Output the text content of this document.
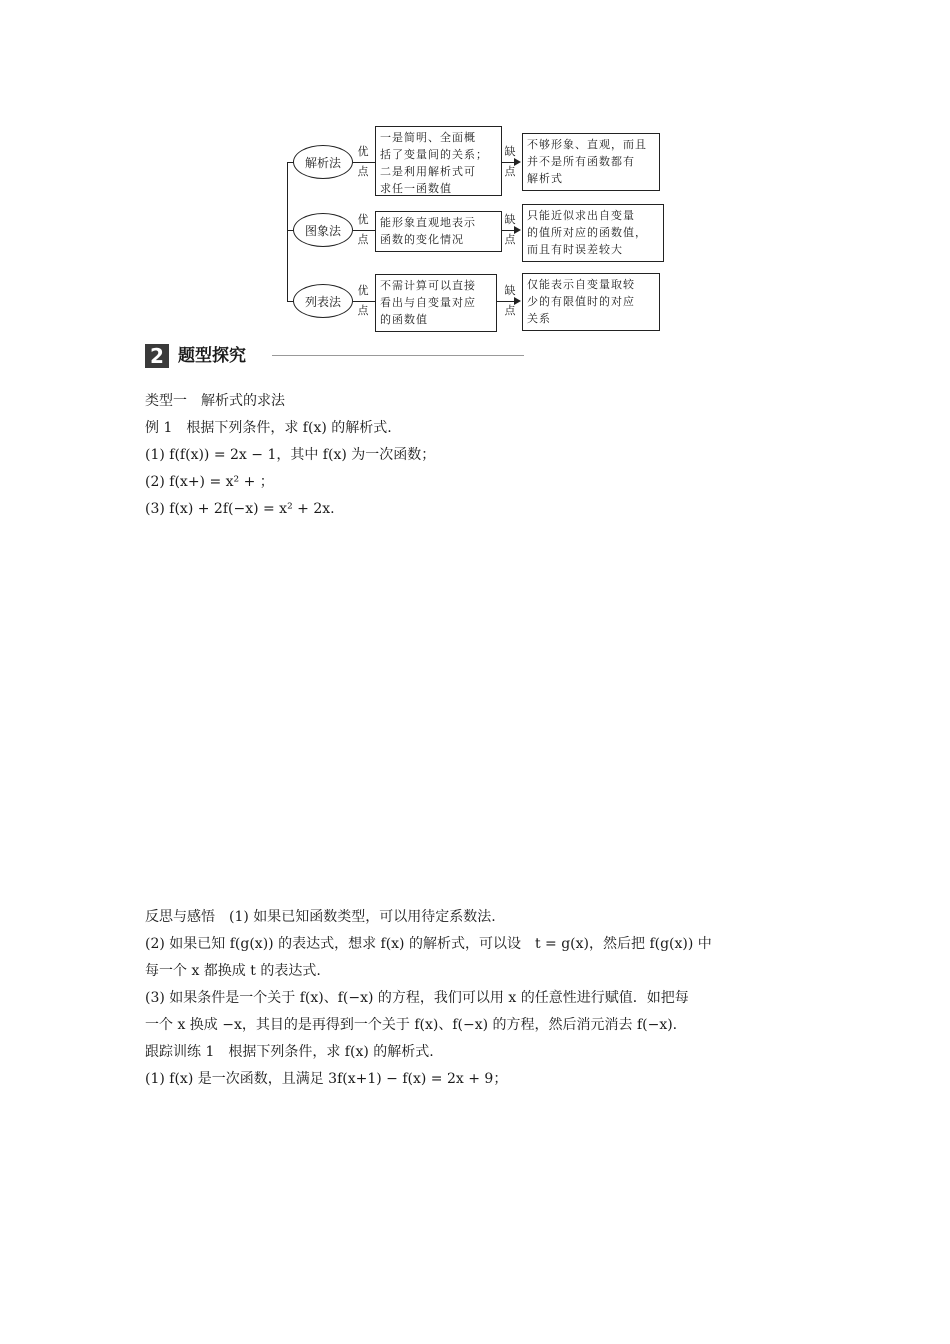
解析法
优点
一是简明、全面概
括了变量间的关系；
二是利用解析式可
求任一函数值
缺点
不够形象、直观，而且
并不是所有函数都有
解析式
图象法
优点
能形象直观地表示
函数的变化情况
缺点
只能近似求出自变量
的值所对应的函数值，
而且有时误差较大
列表法
优点
不需计算可以直接
看出与自变量对应
的函数值
缺点
仅能表示自变量取较
少的有限值时的对应
关系
2 题型探究
类型一　解析式的求法
例 1　根据下列条件，求 f(x) 的解析式.
(1) f(f(x)) = 2x − 1，其中 f(x) 为一次函数；
(2) f(x+) = x² + ；
(3) f(x) + 2f(−x) = x² + 2x.
反思与感悟　(1) 如果已知函数类型，可以用待定系数法.
(2) 如果已知 f(g(x)) 的表达式，想求 f(x) 的解析式，可以设　t = g(x)，然后把 f(g(x)) 中
每一个 x 都换成 t 的表达式.
(3) 如果条件是一个关于 f(x)、f(−x) 的方程，我们可以用 x 的任意性进行赋值．如把每
一个 x 换成 −x，其目的是再得到一个关于 f(x)、f(−x) 的方程，然后消元消去 f(−x).
跟踪训练 1　根据下列条件，求 f(x) 的解析式.
(1) f(x) 是一次函数，且满足 3f(x+1) − f(x) = 2x + 9；
